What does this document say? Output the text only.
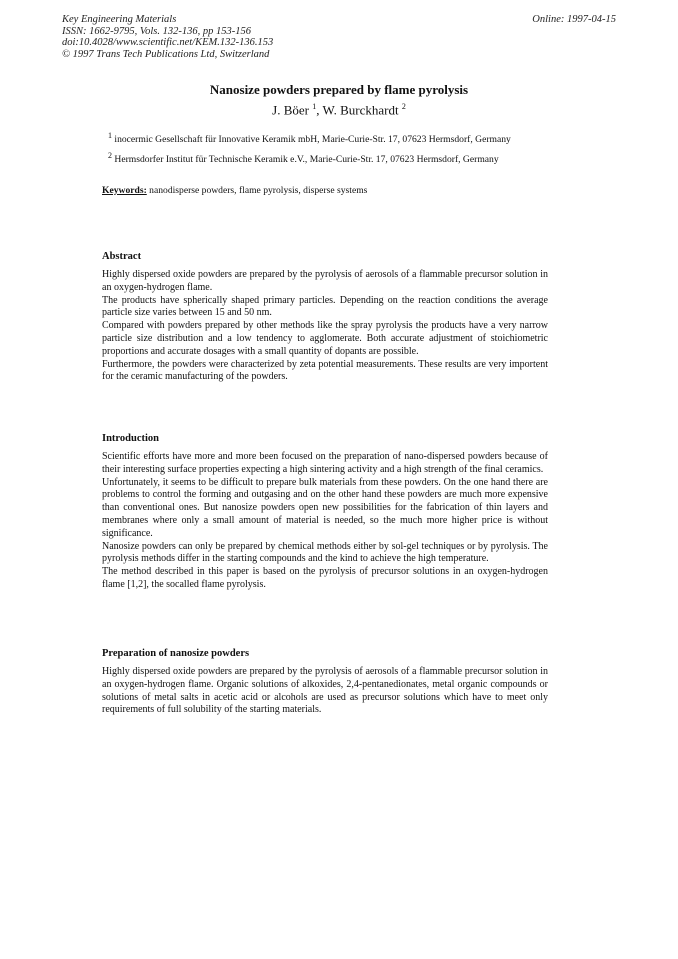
Key Engineering Materials
ISSN: 1662-9795, Vols. 132-136, pp 153-156
doi:10.4028/www.scientific.net/KEM.132-136.153
© 1997 Trans Tech Publications Ltd, Switzerland
Online: 1997-04-15
Nanosize powders prepared by flame pyrolysis
J. Böer $^1$, W. Burckhardt $^2$
$^1$ inocermic Gesellschaft für Innovative Keramik mbH, Marie-Curie-Str. 17, 07623 Hermsdorf, Germany
$^2$ Hermsdorfer Institut für Technische Keramik e.V., Marie-Curie-Str. 17, 07623 Hermsdorf, Germany
Keywords: nanodisperse powders, flame pyrolysis, disperse systems
Abstract

Highly dispersed oxide powders are prepared by the pyrolysis of aerosols of a flammable precursor solution in an oxygen-hydrogen flame.

The products have spherically shaped primary particles. Depending on the reaction conditions the average particle size varies between 15 and 50 nm.

Compared with powders prepared by other methods like the spray pyrolysis the products have a very narrow particle size distribution and a low tendency to agglomerate. Both accurate adjustment of stoichiometric proportions and accurate dosages with a small quantity of dopants are possible.

Furthermore, the powders were characterized by zeta potential measurements. These results are very importent for the ceramic manufacturing of the powders.

Introduction

Scientific efforts have more and more been focused on the preparation of nano-dispersed powders because of their interesting surface properties expecting a high sintering activity and a high strength of the final ceramics.

Unfortunately, it seems to be difficult to prepare bulk materials from these powders. On the one hand there are problems to control the forming and outgasing and on the other hand these powders are much more expensive than conventional ones. But nanosize powders open new possibilities for the fabrication of thin layers and membranes where only a small amount of material is needed, so the much more higher price is without significance.

Nanosize powders can only be prepared by chemical methods either by sol-gel techniques or by pyrolysis. The pyrolysis methods differ in the starting compounds and the kind to achieve the high temperature.

The method described in this paper is based on the pyrolysis of precursor solutions in an oxygen-hydrogen flame [1,2], the socalled flame pyrolysis.

Preparation of nanosize powders

Highly dispersed oxide powders are prepared by the pyrolysis of aerosols of a flammable precursor solution in an oxygen-hydrogen flame. Organic solutions of alkoxides, 2,4-pentanedionates, metal organic compounds or solutions of metal salts in acetic acid or alcohols are used as precursor solutions which have to meet only requirements of full solubility of the starting materials.
